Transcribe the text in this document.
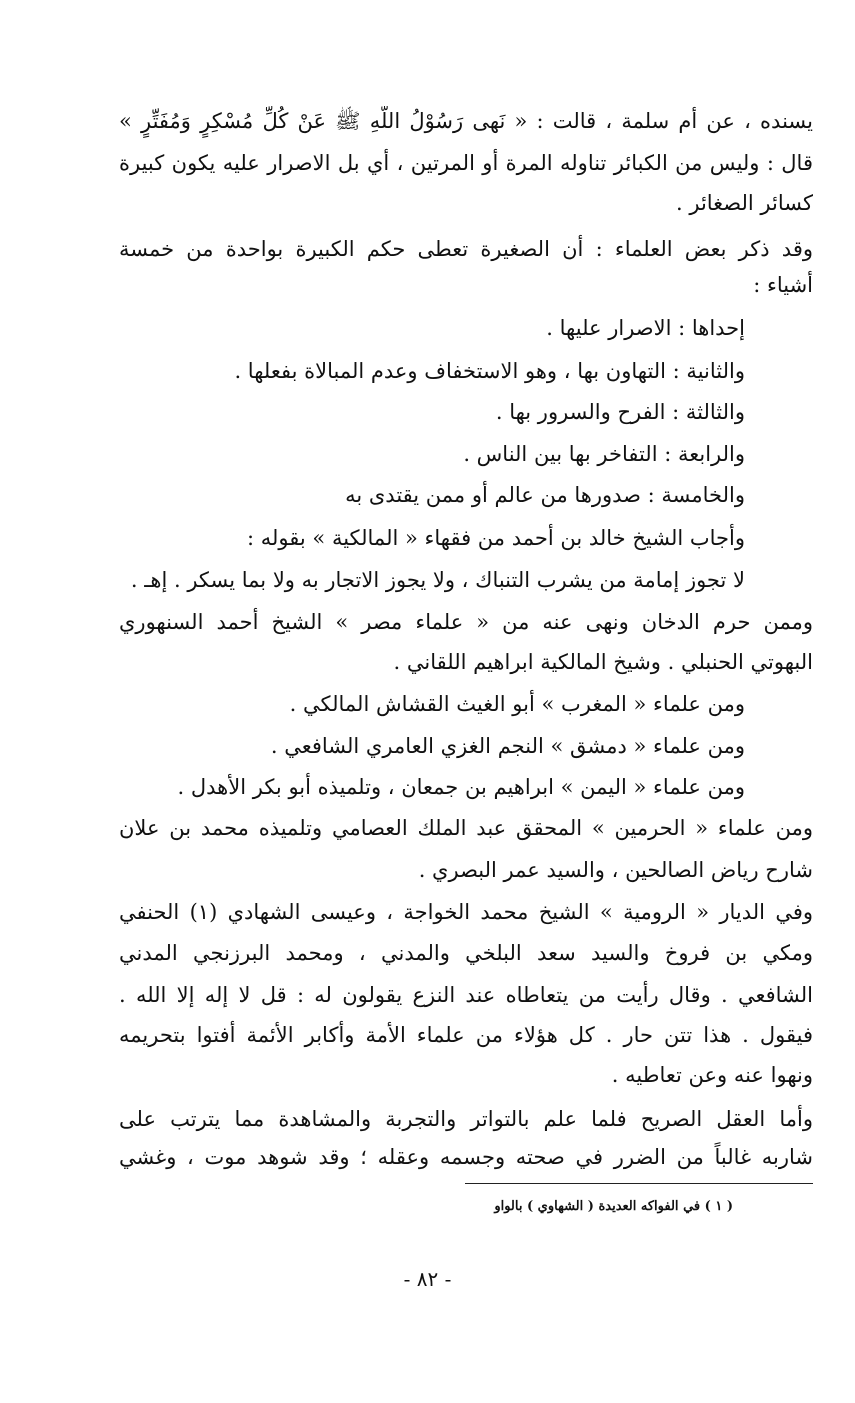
يسنده ، عن أم سلمة ، قالت : « نَهى رَسُوْلُ اللّهِ ﷺ عَنْ كُلِّ مُسْكِرٍ وَمُفَتِّرٍ »
قال : وليس من الكبائر تناوله المرة أو المرتين ، أي بل الاصرار عليه يكون كبيرة
كسائر الصغائر .
وقد ذكر بعض العلماء : أن الصغيرة تعطى حكم الكبيرة بواحدة من خمسة
أشياء :
إحداها : الاصرار عليها .
والثانية : التهاون بها ، وهو الاستخفاف وعدم المبالاة بفعلها .
والثالثة : الفرح والسرور بها .
والرابعة : التفاخر بها بين الناس .
والخامسة : صدورها من عالم أو ممن يقتدى به
وأجاب الشيخ خالد بن أحمد من فقهاء « المالكية » بقوله :
لا تجوز إمامة من يشرب التنباك ، ولا يجوز الاتجار به ولا بما يسكر . إهـ .
وممن حرم الدخان ونهى عنه من « علماء مصر » الشيخ أحمد السنهوري
البهوتي الحنبلي . وشيخ المالكية ابراهيم اللقاني .
ومن علماء « المغرب » أبو الغيث القشاش المالكي .
ومن علماء « دمشق » النجم الغزي العامري الشافعي .
ومن علماء « اليمن » ابراهيم بن جمعان ، وتلميذه أبو بكر الأهدل .
ومن علماء « الحرمين » المحقق عبد الملك العصامي وتلميذه محمد بن علان
شارح رياض الصالحين ، والسيد عمر البصري .
وفي الديار « الرومية » الشيخ محمد الخواجة ، وعيسى الشهادي (١) الحنفي
ومكي بن فروخ والسيد سعد البلخي والمدني ، ومحمد البرزنجي المدني
الشافعي . وقال رأيت من يتعاطاه عند النزع يقولون له : قل لا إله إلا الله .
فيقول . هذا تتن حار . كل هؤلاء من علماء الأمة وأكابر الأئمة أفتوا بتحريمه
ونهوا عنه وعن تعاطيه .
وأما العقل الصريح فلما علم بالتواتر والتجربة والمشاهدة مما يترتب على
شاربه غالباً من الضرر في صحته وجسمه وعقله ؛ وقد شوهد موت ، وغشي
( ١ ) في الفواكه العديدة ( الشهاوي ) بالواو
- ٨٢ -
